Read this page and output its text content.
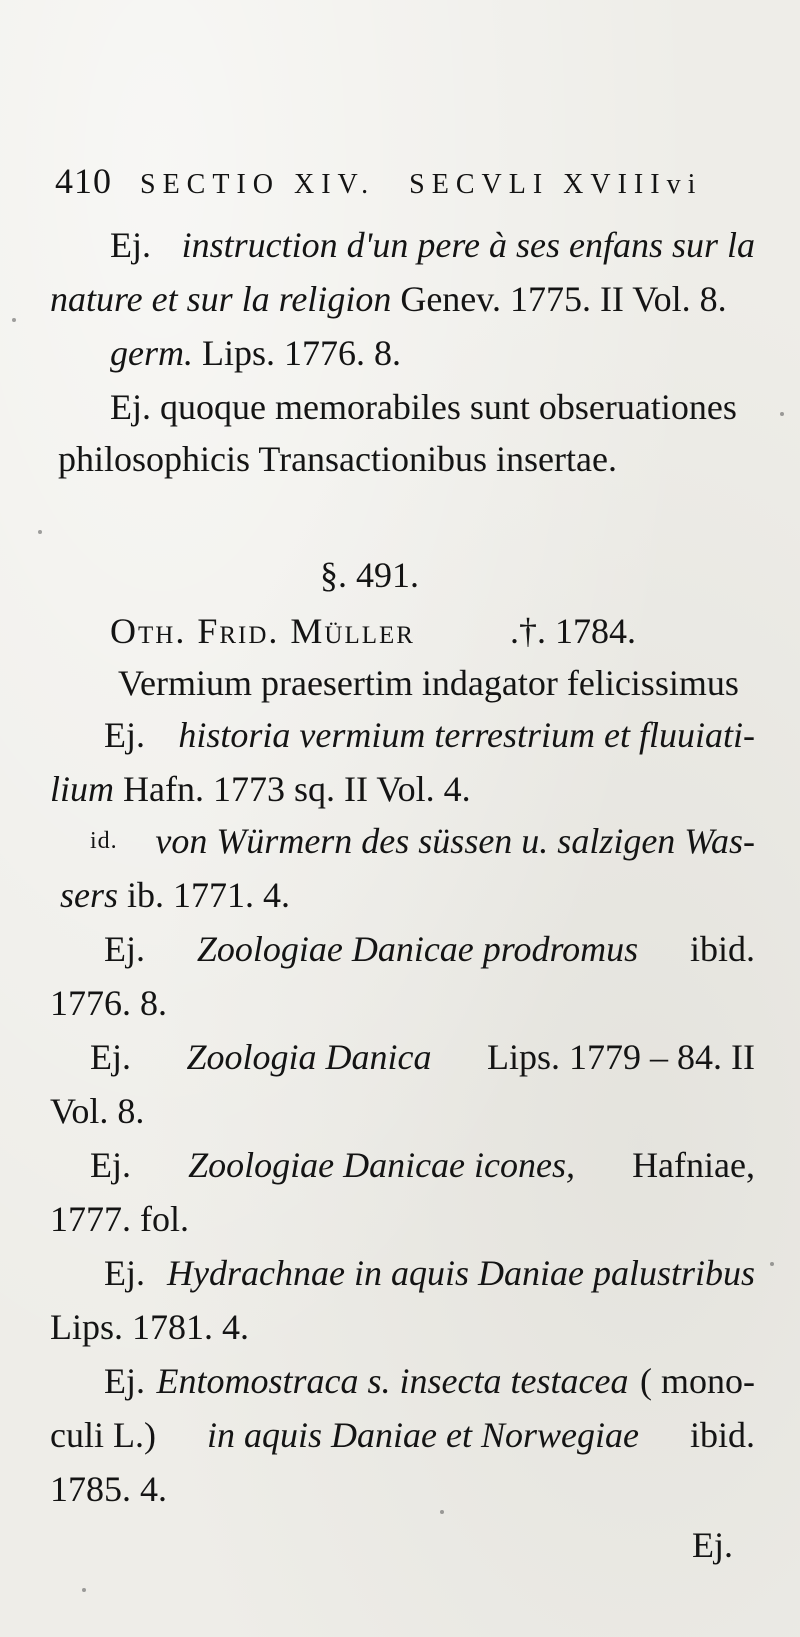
410 SECTIO XIV. SECVLI XVIIIvi
Ej. instruction d'un pere à ses enfans sur la
nature et sur la religion Genev. 1775. II Vol. 8.
germ. Lips. 1776. 8.
Ej. quoque memorabiles sunt obseruationes
philosophicis Transactionibus insertae.
§. 491.
Oth. Frid. Müller	.†. 1784.
Vermium praesertim indagator felicissimus
Ej. historia vermium terrestrium et fluuiati-
lium Hafn. 1773 sq. II Vol. 4.
id. von Würmern des süssen u. salzigen Was-
sers ib. 1771. 4.
Ej. Zoologiae Danicae prodromus ibid.
1776. 8.
Ej. Zoologia Danica Lips. 1779 – 84. II
Vol. 8.
Ej. Zoologiae Danicae icones, Hafniae,
1777. fol.
Ej. Hydrachnae in aquis Daniae palustribus
Lips. 1781. 4.
Ej. Entomostraca s. insecta testacea ( mono-
culi L.) in aquis Daniae et Norwegiae ibid.
1785. 4.
Ej.
